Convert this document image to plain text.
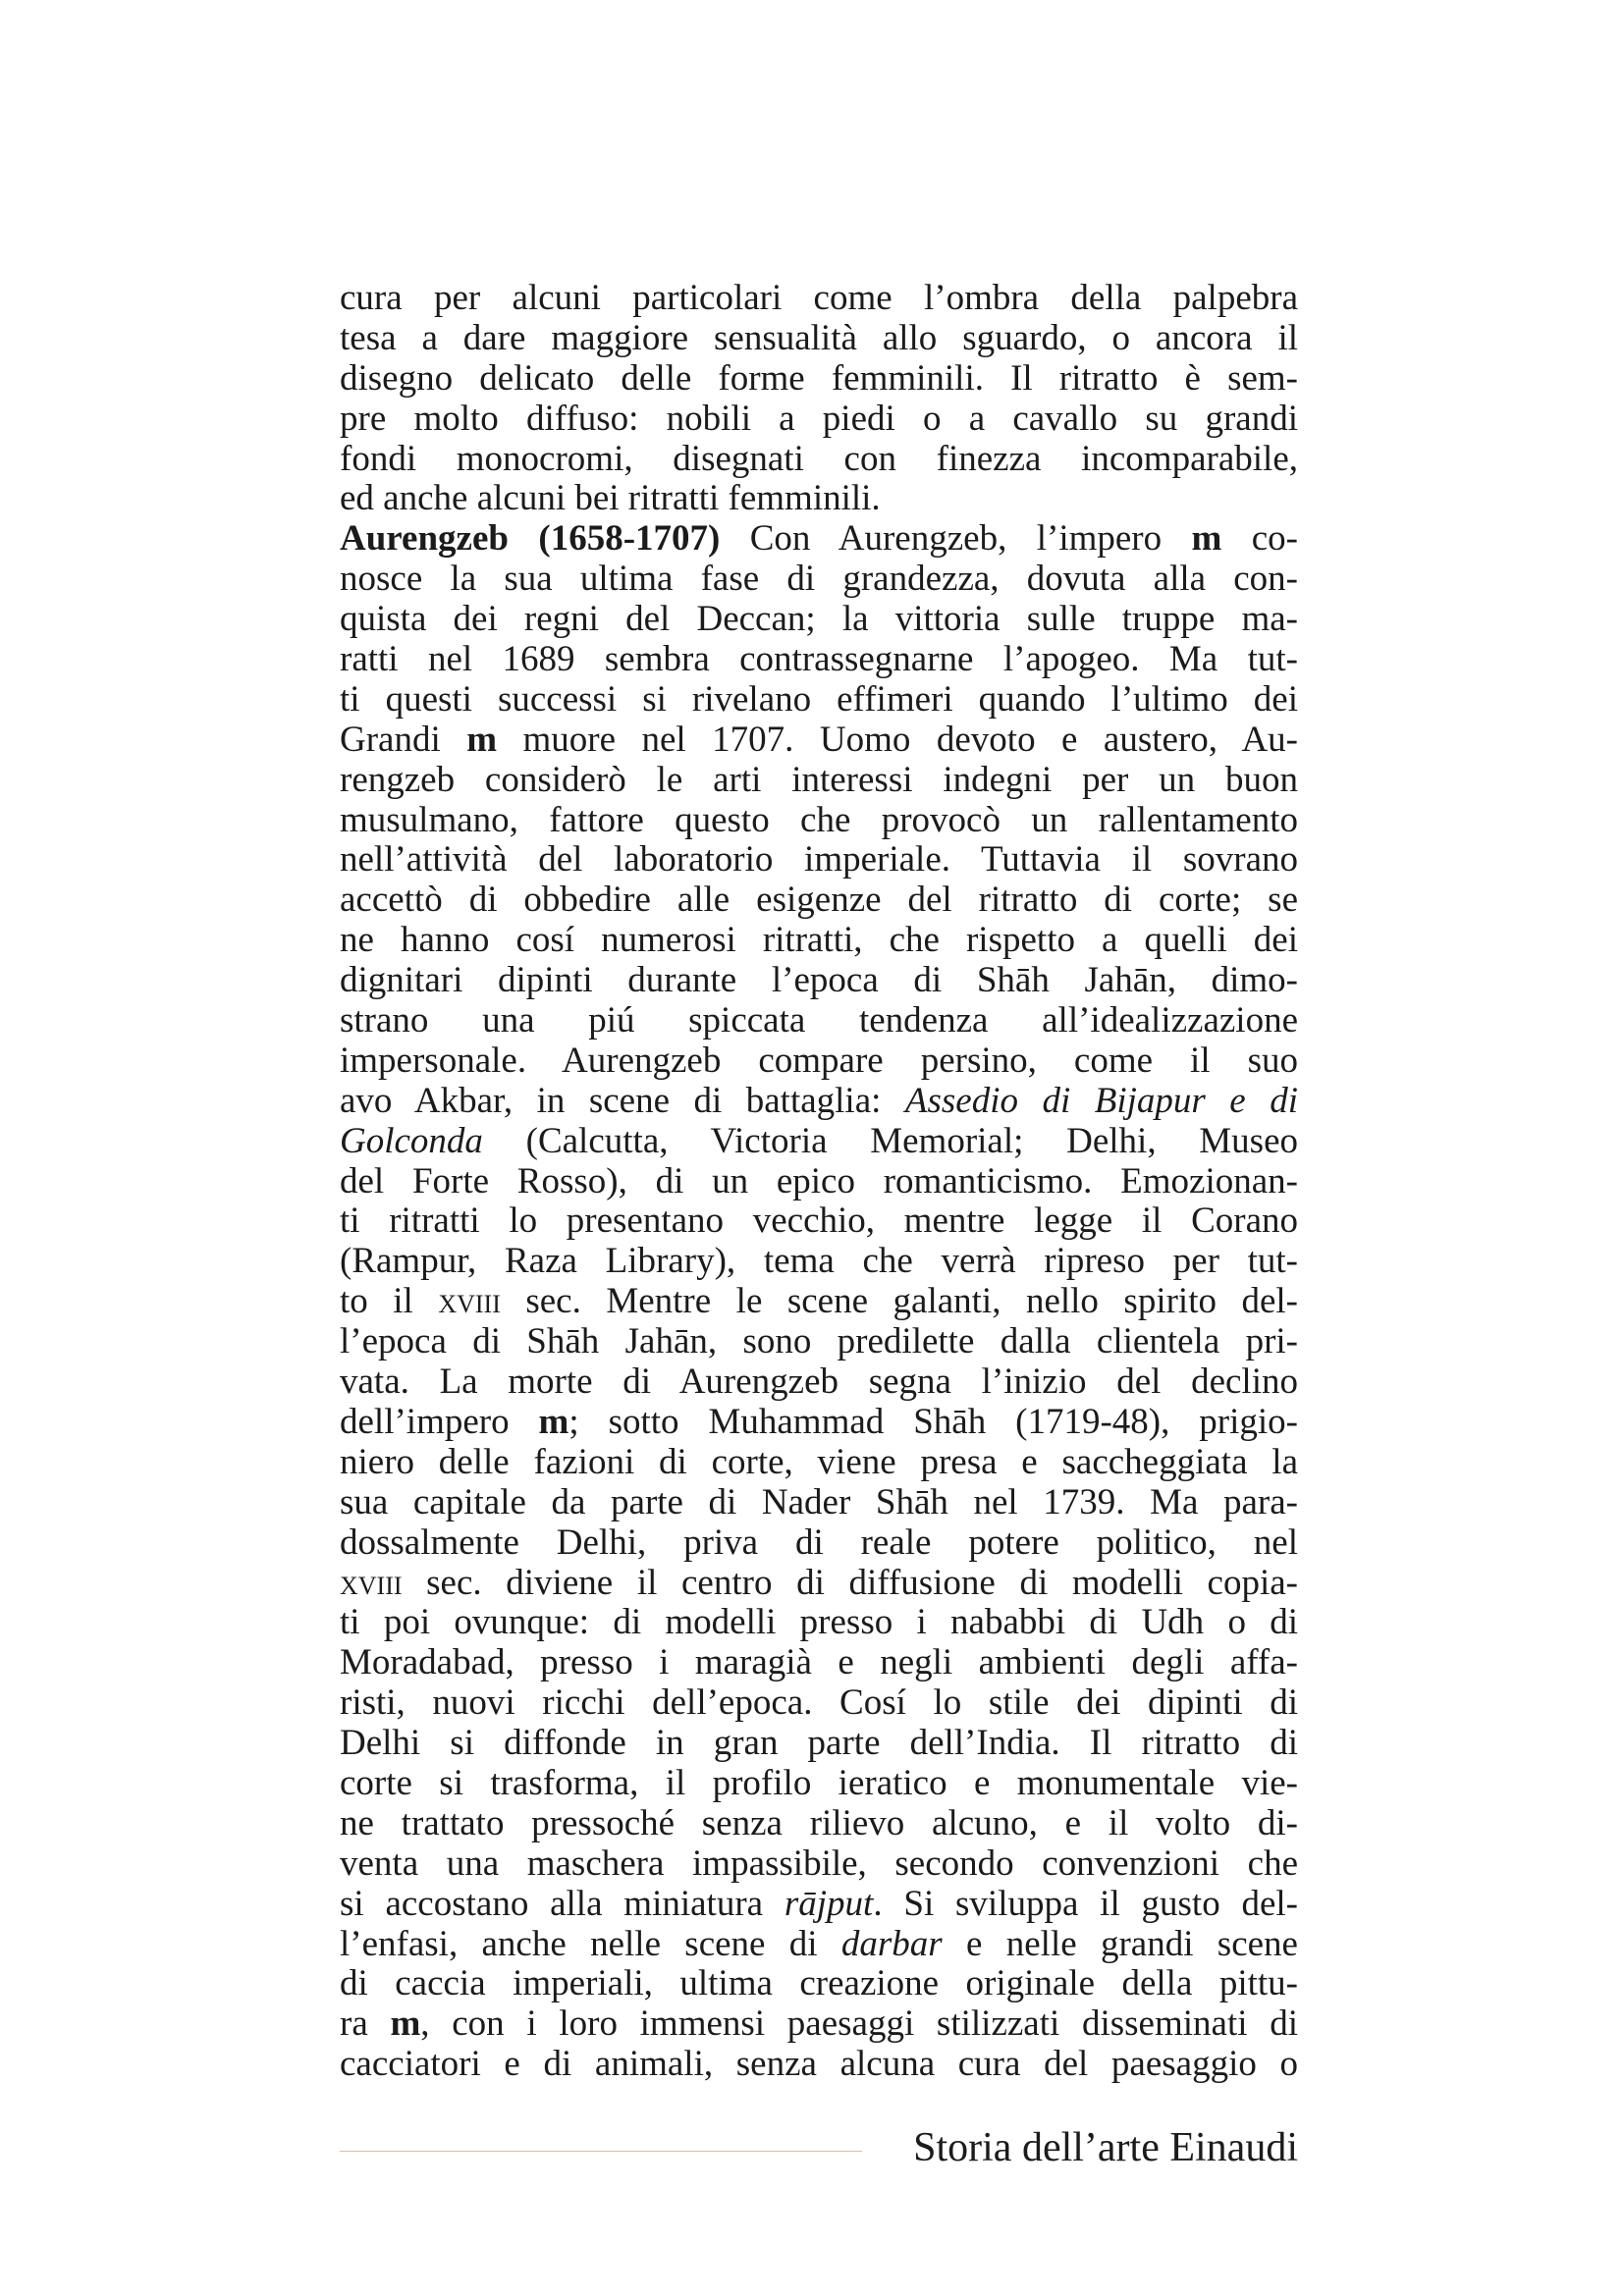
cura per alcuni particolari come l’ombra della palpebra
tesa a dare maggiore sensualità allo sguardo, o ancora il
disegno delicato delle forme femminili. Il ritratto è sem-
pre molto diffuso: nobili a piedi o a cavallo su grandi
fondi monocromi, disegnati con finezza incomparabile,
ed anche alcuni bei ritratti femminili.
Aurengzeb (1658-1707) Con Aurengzeb, l’impero m co-
nosce la sua ultima fase di grandezza, dovuta alla con-
quista dei regni del Deccan; la vittoria sulle truppe ma-
ratti nel 1689 sembra contrassegnarne l’apogeo. Ma tut-
ti questi successi si rivelano effimeri quando l’ultimo dei
Grandi m muore nel 1707. Uomo devoto e austero, Au-
rengzeb considerò le arti interessi indegni per un buon
musulmano, fattore questo che provocò un rallentamento
nell’attività del laboratorio imperiale. Tuttavia il sovrano
accettò di obbedire alle esigenze del ritratto di corte; se
ne hanno cosí numerosi ritratti, che rispetto a quelli dei
dignitari dipinti durante l’epoca di Shāh Jahān, dimo-
strano una piú spiccata tendenza all’idealizzazione
impersonale. Aurengzeb compare persino, come il suo
avo Akbar, in scene di battaglia: Assedio di Bijapur e di
Golconda (Calcutta, Victoria Memorial; Delhi, Museo
del Forte Rosso), di un epico romanticismo. Emozionan-
ti ritratti lo presentano vecchio, mentre legge il Corano
(Rampur, Raza Library), tema che verrà ripreso per tut-
to il xviii sec. Mentre le scene galanti, nello spirito del-
l’epoca di Shāh Jahān, sono predilette dalla clientela pri-
vata. La morte di Aurengzeb segna l’inizio del declino
dell’impero m; sotto Muhammad Shāh (1719-48), prigio-
niero delle fazioni di corte, viene presa e saccheggiata la
sua capitale da parte di Nader Shāh nel 1739. Ma para-
dossalmente Delhi, priva di reale potere politico, nel
xviii sec. diviene il centro di diffusione di modelli copia-
ti poi ovunque: di modelli presso i nababbi di Udh o di
Moradabad, presso i maragià e negli ambienti degli affa-
risti, nuovi ricchi dell’epoca. Cosí lo stile dei dipinti di
Delhi si diffonde in gran parte dell’India. Il ritratto di
corte si trasforma, il profilo ieratico e monumentale vie-
ne trattato pressoché senza rilievo alcuno, e il volto di-
venta una maschera impassibile, secondo convenzioni che
si accostano alla miniatura rājput. Si sviluppa il gusto del-
l’enfasi, anche nelle scene di darbar e nelle grandi scene
di caccia imperiali, ultima creazione originale della pittu-
ra m, con i loro immensi paesaggi stilizzati disseminati di
cacciatori e di animali, senza alcuna cura del paesaggio o
Storia dell’arte Einaudi
